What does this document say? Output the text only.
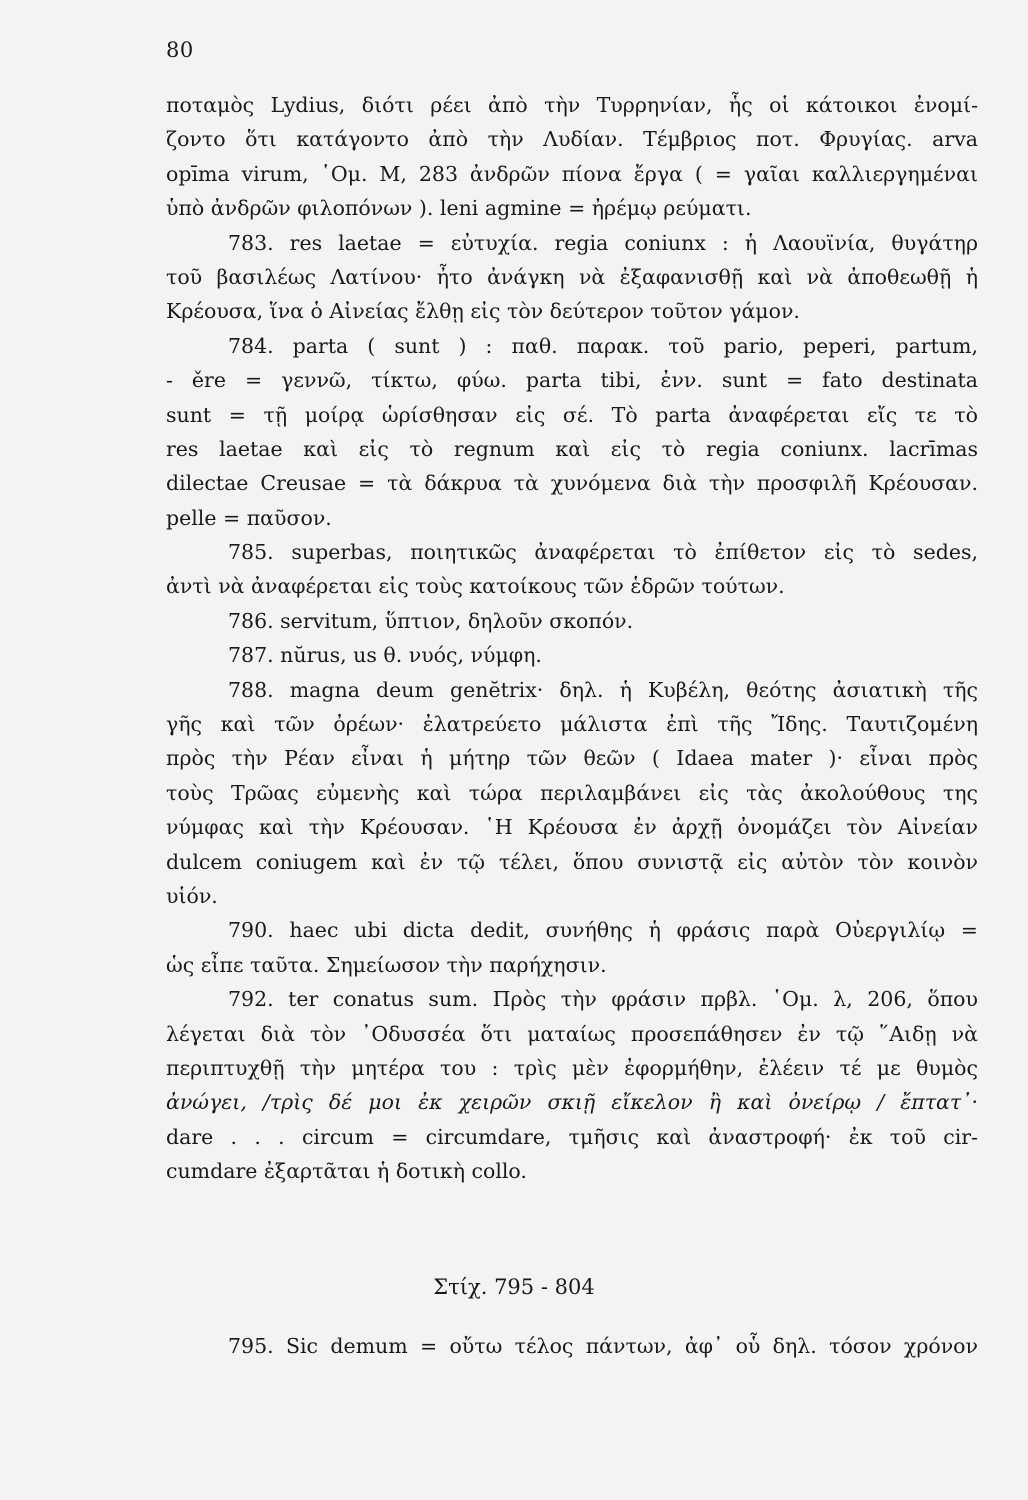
80
ποταμὸς Lydius, διότι ρέει ἀπὸ τὴν Τυρρηνίαν, ἧς οἱ κάτοικοι ἐνομί-
ζοντο ὅτι κατάγοντο ἀπὸ τὴν Λυδίαν. Τέμβριος ποτ. Φρυγίας. arva
opīma virum, ῾Ομ. Μ, 283 ἀνδρῶν πίονα ἔργα ( = γαῖαι καλλιεργημέναι
ὑπὸ ἀνδρῶν φιλοπόνων ). leni agmine = ἠρέμῳ ρεύματι.
783. res laetae = εὐτυχία. regia coniunx : ἡ Λαουϊνία, θυγάτηρ
τοῦ βασιλέως Λατίνου· ἦτο ἀνάγκη νὰ ἐξαφανισθῇ καὶ νὰ ἀποθεωθῇ ἡ
Κρέουσα, ἵνα ὁ Αἰνείας ἔλθῃ εἰς τὸν δεύτερον τοῦτον γάμον.
784. parta ( sunt ) : παθ. παρακ. τοῦ pario, peperi, partum,
- ěre = γεννῶ, τίκτω, φύω. parta tibi, ἐνν. sunt = fato destinata
sunt = τῇ μοίρᾳ ὡρίσθησαν εἰς σέ. Τὸ parta ἀναφέρεται εἴς τε τὸ
res laetae καὶ εἰς τὸ regnum καὶ εἰς τὸ regia coniunx. lacrīmas
dilectae Creusae = τὰ δάκρυα τὰ χυνόμενα διὰ τὴν προσφιλῆ Κρέουσαν.
pelle = παῦσον.
785. superbas, ποιητικῶς ἀναφέρεται τὸ ἐπίθετον εἰς τὸ sedes,
ἀντὶ νὰ ἀναφέρεται εἰς τοὺς κατοίκους τῶν ἑδρῶν τούτων.
786. servitum, ὕπτιον, δηλοῦν σκοπόν.
787. nŭrus, us θ. νυός, νύμφη.
788. magna deum genĕtrix· δηλ. ἡ Κυβέλη, θεότης ἀσιατικὴ τῆς
γῆς καὶ τῶν ὀρέων· ἐλατρεύετο μάλιστα ἐπὶ τῆς Ἴδης. Ταυτιζομένη
πρὸς τὴν Ρέαν εἶναι ἡ μήτηρ τῶν θεῶν ( Idaea mater )· εἶναι πρὸς
τοὺς Τρῶας εὐμενὴς καὶ τώρα περιλαμβάνει εἰς τὰς ἀκολούθους της
νύμφας καὶ τὴν Κρέουσαν. ῾Η Κρέουσα ἐν ἀρχῇ ὀνομάζει τὸν Αἰνείαν
dulcem coniugem καὶ ἐν τῷ τέλει, ὅπου συνιστᾷ εἰς αὐτὸν τὸν κοινὸν
υἱόν.
790. haec ubi dicta dedit, συνήθης ἡ φράσις παρὰ Οὐεργιλίῳ =
ὡς εἶπε ταῦτα. Σημείωσον τὴν παρήχησιν.
792. ter conatus sum. Πρὸς τὴν φράσιν πρβλ. ῾Ομ. λ, 206, ὅπου
λέγεται διὰ τὸν ᾿Οδυσσέα ὅτι ματαίως προσεπάθησεν ἐν τῷ ῞Αιδῃ νὰ
περιπτυχθῇ τὴν μητέρα του : τρὶς μὲν ἐφορμήθην, ἐλέειν τέ με θυμὸς
ἀνώγει, /τρὶς δέ μοι ἐκ χειρῶν σκιῇ εἴκελον ἢ καὶ ὀνείρῳ / ἔπτατ᾿·
dare . . . circum = circumdare, τμῆσις καὶ ἀναστροφή· ἐκ τοῦ cir-
cumdare ἐξαρτᾶται ἡ δοτικὴ collo.
Στίχ. 795 - 804
795. Sic demum = οὔτω τέλος πάντων, ἀφ᾿ οὗ δηλ. τόσον χρόνον
